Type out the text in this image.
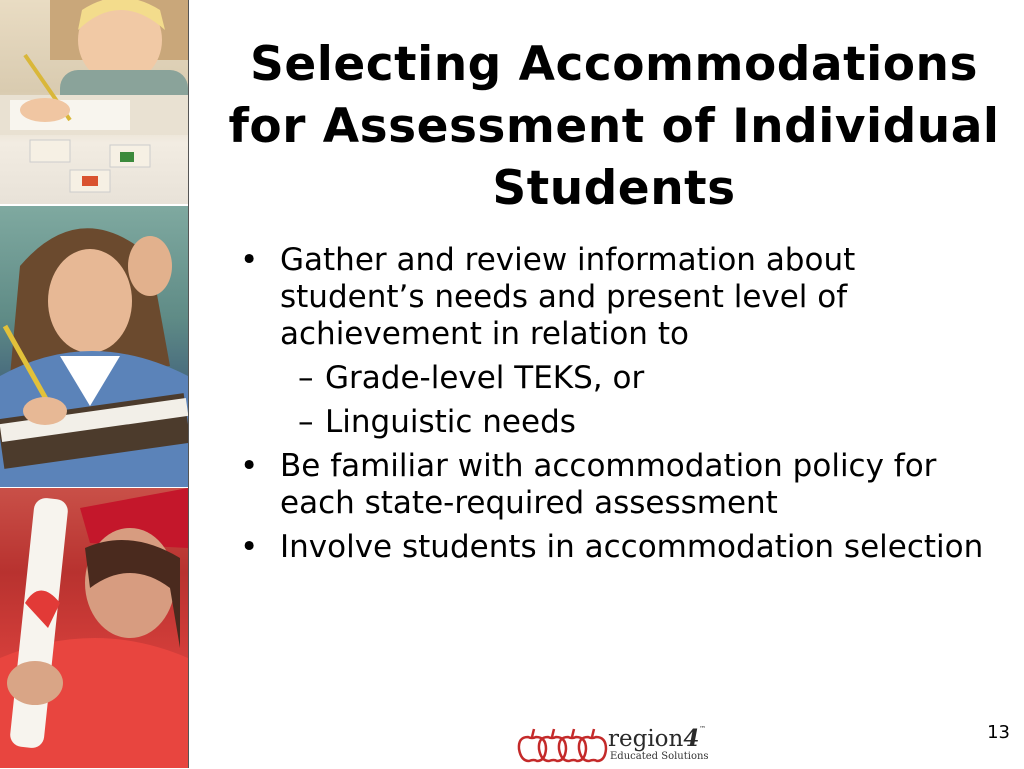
Selecting Accommodations for Assessment of Individual Students
• Gather and review information about student’s needs and present level of achievement in relation to
– Grade-level TEKS, or
– Linguistic needs
• Be familiar with accommodation policy for each state-required assessment
• Involve students in accommodation selection
region4 ™
Educated Solutions
13
